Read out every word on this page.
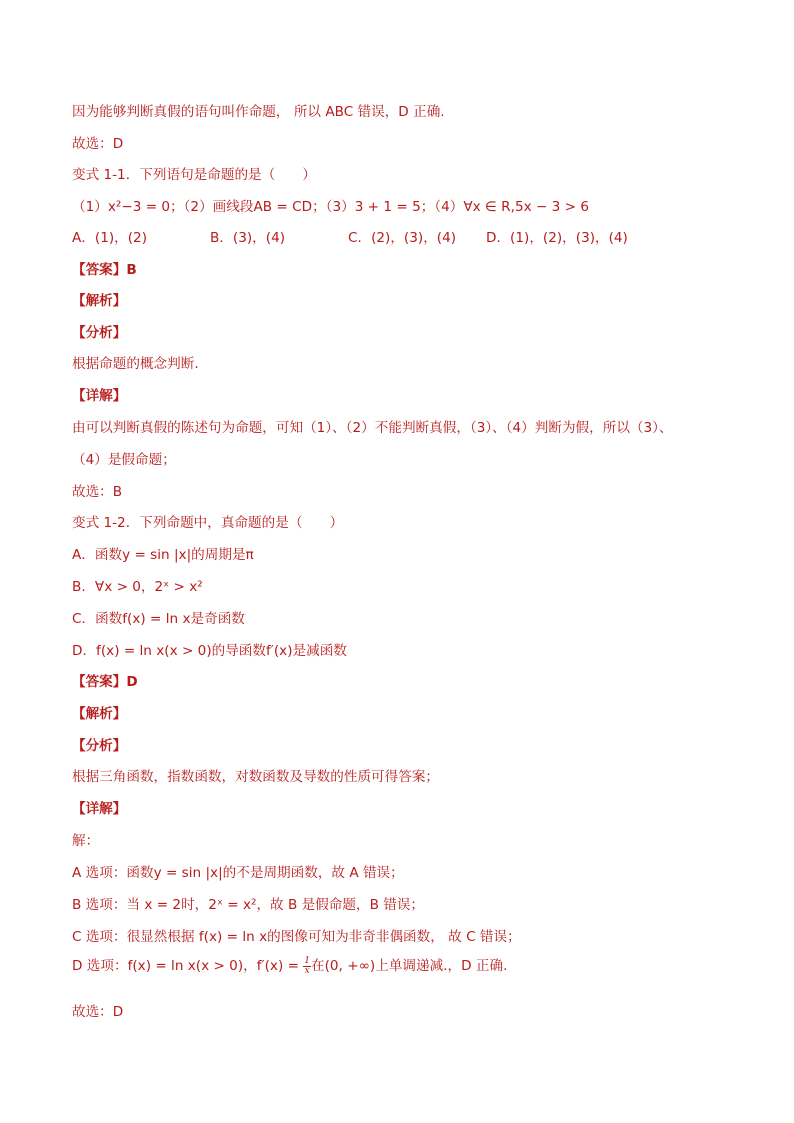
因为能够判断真假的语句叫作命题， 所以 ABC 错误，D 正确.
故选：D
变式 1-1．下列语句是命题的是（　　）
（1）x²−3 = 0；（2）画线段AB = CD；（3）3 + 1 = 5；（4）∀x ∈ R,5x − 3 > 6
A．(1)，(2)	B．(3)，(4)	C．(2)，(3)，(4) D．(1)，(2)，(3)，(4)
【答案】B
【解析】
【分析】
根据命题的概念判断.
【详解】
由可以判断真假的陈述句为命题，可知（1）、（2）不能判断真假，（3）、（4）判断为假，所以（3）、
（4）是假命题；
故选：B
变式 1-2．下列命题中，真命题的是（　　）
A．函数y = sin |x|的周期是π
B．∀x > 0，2ˣ > x²
C．函数f(x) = ln x是奇函数
D．f(x) = ln x(x > 0)的导函数f′(x)是减函数
【答案】D
【解析】
【分析】
根据三角函数，指数函数，对数函数及导数的性质可得答案；
【详解】
解：
A 选项：函数y = sin |x|的不是周期函数，故 A 错误；
B 选项：当 x = 2时，2ˣ = x²，故 B 是假命题，B 错误；
C 选项：很显然根据 f(x) = ln x的图像可知为非奇非偶函数， 故 C 错误；
D 选项：f(x) = ln x(x > 0)，$f'(x) = \frac{1}{x}$ 在(0, +∞)上单调递减.，D 正确.
故选：D
